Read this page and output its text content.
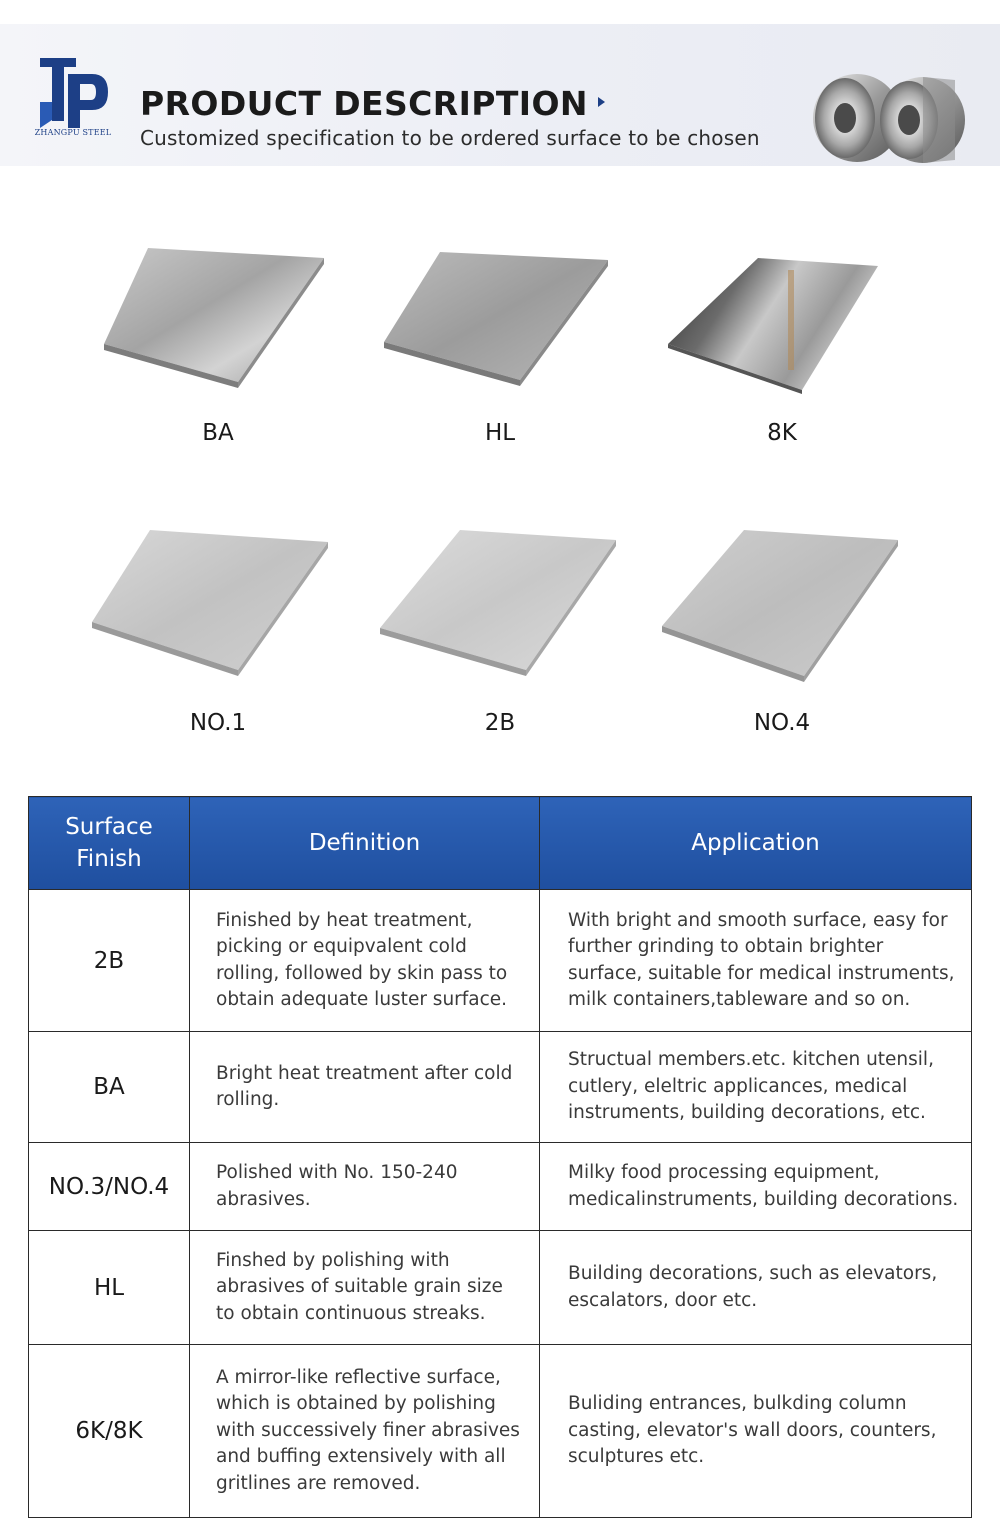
ZHANGPU STEEL
PRODUCT DESCRIPTION
Customized specification to be ordered surface to be chosen
BA	HL	8K
NO.1	2B	NO.4
Surface
Finish	Definition	Application
2B	Finished by heat treatment, picking or equipvalent cold rolling, followed by skin pass to obtain adequate luster surface.	With bright and smooth surface, easy for further grinding to obtain brighter surface, suitable for medical instruments, milk containers,tableware and so on.
BA	Bright heat treatment after cold rolling.	Structual members.etc. kitchen utensil, cutlery, eleltric applicances, medical instruments, building decorations, etc.
NO.3/NO.4	Polished with No. 150-240 abrasives.	Milky food processing equipment, medicalinstruments, building decorations.
HL	Finshed by polishing with abrasives of suitable grain size to obtain continuous streaks.	Building decorations, such as elevators, escalators, door etc.
6K/8K	A mirror-like reflective surface, which is obtained by polishing with successively finer abrasives and buffing extensively with all gritlines are removed.	Buliding entrances, bulkding column casting, elevator's wall doors, counters, sculptures etc.
